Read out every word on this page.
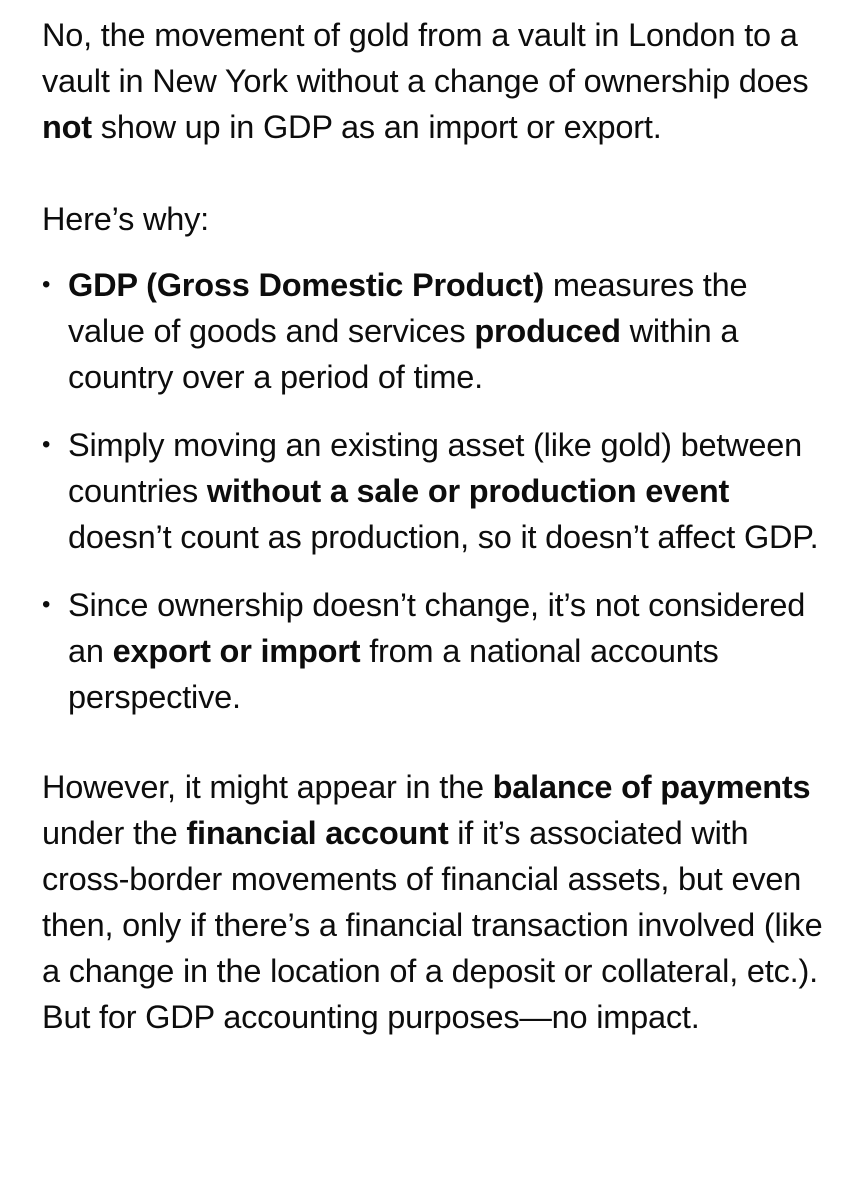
No, the movement of gold from a vault in London to a vault in New York without a change of ownership does not show up in GDP as an import or export.

Here’s why:

• GDP (Gross Domestic Product) measures the value of goods and services produced within a country over a period of time.
• Simply moving an existing asset (like gold) between countries without a sale or production event doesn’t count as production, so it doesn’t affect GDP.
• Since ownership doesn’t change, it’s not considered an export or import from a national accounts perspective.

However, it might appear in the balance of payments under the financial account if it’s associated with cross-border movements of financial assets, but even then, only if there’s a financial transaction involved (like a change in the location of a deposit or collateral, etc.). But for GDP accounting purposes—no impact.
